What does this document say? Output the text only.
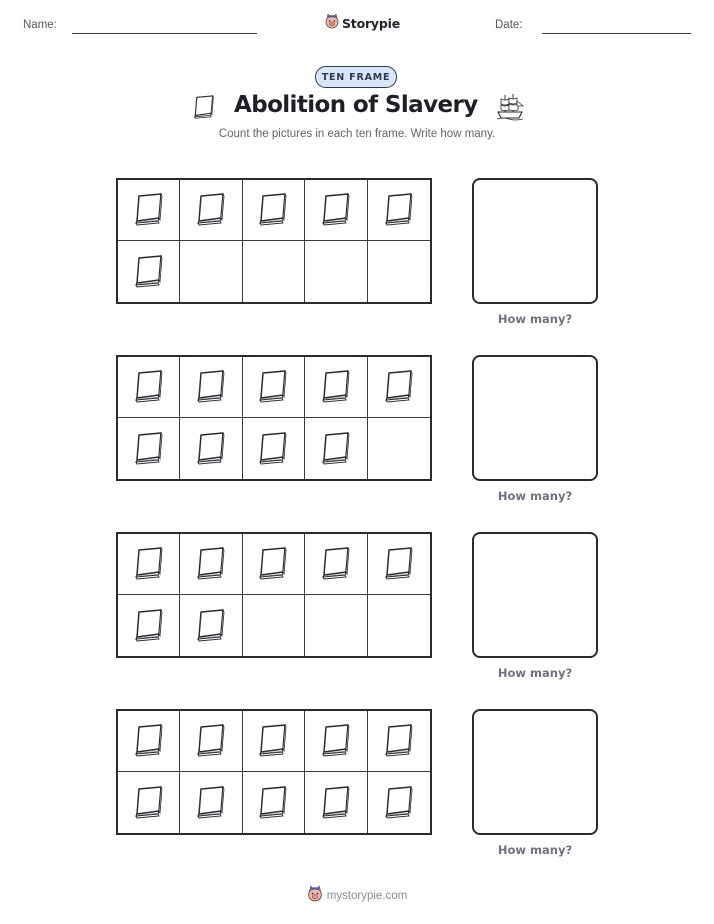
Name:	Storypie	Date:
TEN FRAME
Abolition of Slavery
Count the pictures in each ten frame. Write how many.
How many?
How many?
How many?
How many?
mystorypie.com
